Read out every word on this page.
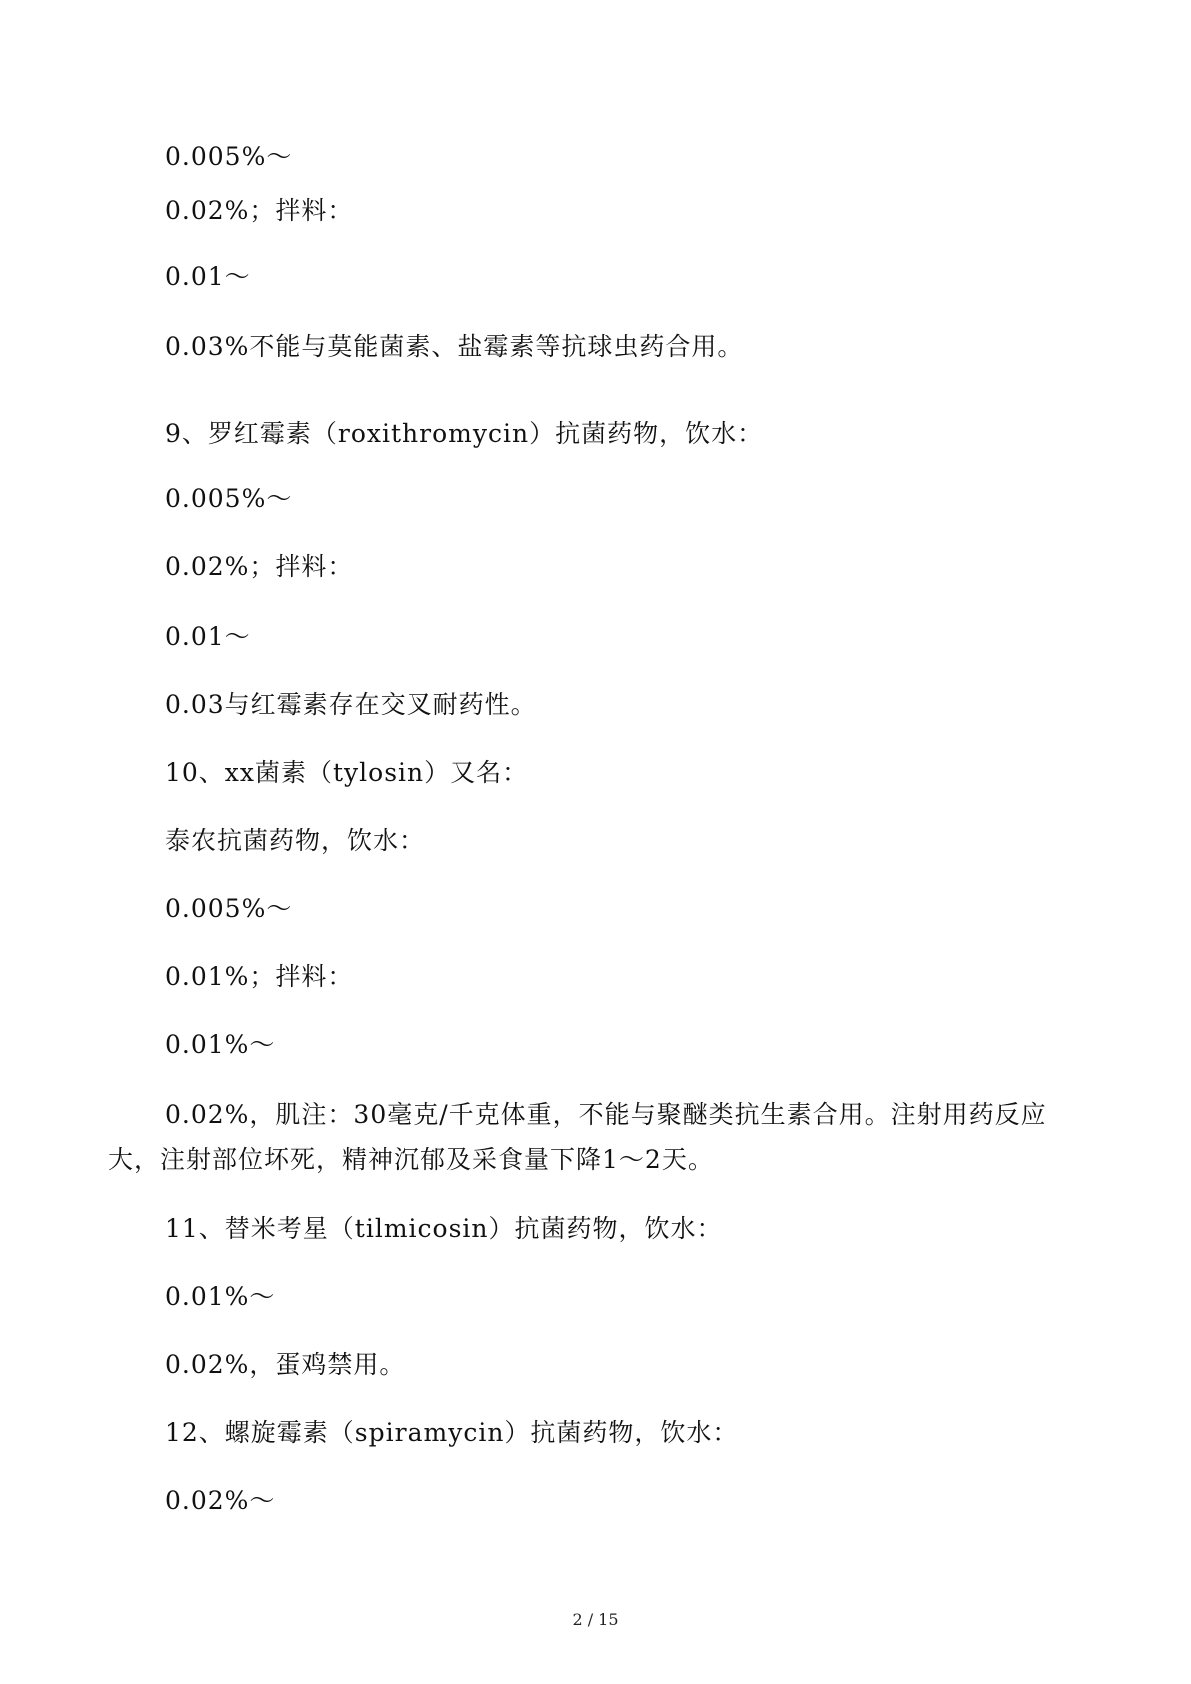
0.005%～
0.02%；拌料：
0.01～
0.03%不能与莫能菌素、盐霉素等抗球虫药合用。
9、罗红霉素（roxithromycin）抗菌药物，饮水：
0.005%～
0.02%；拌料：
0.01～
0.03与红霉素存在交叉耐药性。
10、xx菌素（tylosin）又名：
泰农抗菌药物，饮水：
0.005%～
0.01%；拌料：
0.01%～
0.02%，肌注：30毫克/千克体重，不能与聚醚类抗生素合用。注射用药反应大，注射部位坏死，精神沉郁及采食量下降1～2天。
11、替米考星（tilmicosin）抗菌药物，饮水：
0.01%～
0.02%，蛋鸡禁用。
12、螺旋霉素（spiramycin）抗菌药物，饮水：
0.02%～
2 / 15
